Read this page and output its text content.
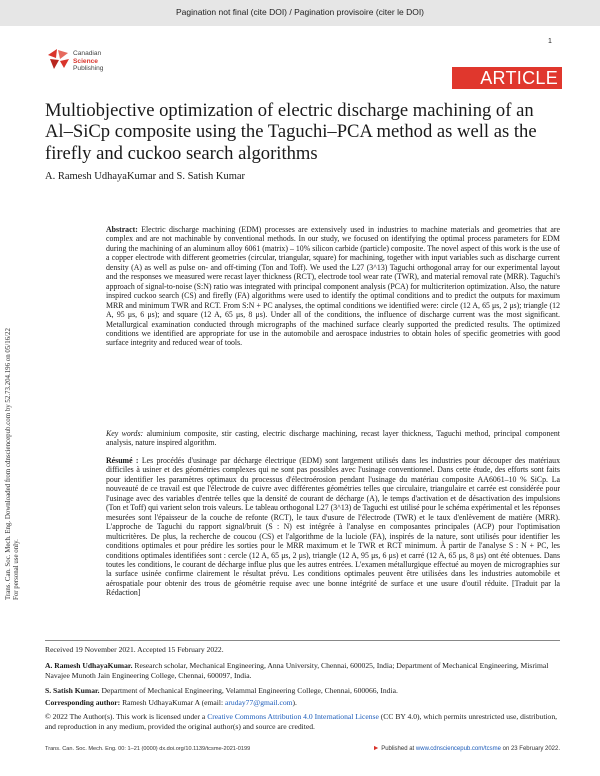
Pagination not final (cite DOI) / Pagination provisoire (citer le DOI)
1
Canadian
Science
Publishing	ARTICLE
Multiobjective optimization of electric discharge machining of an Al–SiCp composite using the Taguchi–PCA method as well as the firefly and cuckoo search algorithms
A. Ramesh UdhayaKumar and S. Satish Kumar
Trans. Can. Soc. Mech. Eng. Downloaded from cdnsciencepub.com by 52.73.204.196 on 05/16/22 For personal use only.
Abstract: Electric discharge machining (EDM) processes are extensively used in industries to machine materials and geometries that are complex and are not machinable by conventional methods. In our study, we focused on identifying the optimal process parameters for EDM during the machining of an aluminum alloy 6061 (matrix) – 10% silicon carbide (particle) composite. The novel aspect of this work is the use of a copper electrode with different geometries (circular, triangular, square) for machining, together with input variables such as discharge current density (A) as well as pulse on- and off-timing (Ton and Toff). We used the L27 (3^13) Taguchi orthogonal array for our experimental layout and the responses we measured were recast layer thickness (RCT), electrode tool wear rate (TWR), and material removal rate (MRR). Taguchi's approach of signal-to-noise (S:N) ratio was integrated with principal component analysis (PCA) for multicriterion optimization. Also, the nature inspired cuckoo search (CS) and firefly (FA) algorithms were used to identify the optimal conditions and to predict the outputs for maximum MRR and minimum TWR and RCT. From S:N + PC analyses, the optimal conditions we identified were: circle (12 A, 65 μs, 2 μs); triangle (12 A, 95 μs, 6 μs); and square (12 A, 65 μs, 8 μs). Under all of the conditions, the influence of discharge current was the most significant. Metallurgical examination conducted through micrographs of the machined surface clearly supported the predicted results. The optimized conditions we identified are appropriate for use in the automobile and aerospace industries to obtain holes of specific geometries with good surface integrity and reduced wear of tools.
Key words: aluminium composite, stir casting, electric discharge machining, recast layer thickness, Taguchi method, principal component analysis, nature inspired algorithm.
Résumé : Les procédés d'usinage par décharge électrique (EDM) sont largement utilisés dans les industries pour découper des matériaux difficiles à usiner et des géométries complexes qui ne sont pas possibles avec l'usinage conventionnel. Dans cette étude, des efforts sont faits pour identifier les paramètres optimaux du processus d'électroérosion pendant l'usinage du matériau composite AA6061–10 % SiCp. La nouveauté de ce travail est que l'électrode de cuivre avec différentes géométries telles que circulaire, triangulaire et carrée est considérée pour l'usinage avec des variables d'entrée telles que la densité de courant de décharge (A), le temps d'activation et de désactivation des impulsions (Ton et Toff) qui varient selon trois valeurs. Le tableau orthogonal L27 (3^13) de Taguchi est utilisé pour le schéma expérimental et les réponses mesurées sont l'épaisseur de la couche de refonte (RCT), le taux d'usure de l'électrode (TWR) et le taux d'enlèvement de matière (MRR). L'approche de Taguchi du rapport signal/bruit (S : N) est intégrée à l'analyse en composantes principales (ACP) pour l'optimisation multicritères. De plus, la recherche de coucou (CS) et l'algorithme de la luciole (FA), inspirés de la nature, sont utilisés pour identifier les conditions optimales et pour prédire les sorties pour le MRR maximum et le TWR et RCT minimum. À partir de l'analyse S : N + PC, les conditions optimales identifiées sont : cercle (12 A, 65 μs, 2 μs), triangle (12 A, 95 μs, 6 μs) et carré (12 A, 65 μs, 8 μs) ont été obtenues. Dans toutes les conditions, le courant de décharge influe plus que les autres entrées. L'examen métallurgique effectué au moyen de micrographies sur la surface usinée confirme clairement le résultat prévu. Les conditions optimales peuvent être utilisées dans les industries automobile et aérospatiale pour obtenir des trous de géométrie requise avec une bonne intégrité de surface et une usure d'outil réduite. [Traduit par la Rédaction]
Received 19 November 2021. Accepted 15 February 2022.
A. Ramesh UdhayaKumar. Research scholar, Mechanical Engineering, Anna University, Chennai, 600025, India; Department of Mechanical Engineering, Misrimal Navajee Munoth Jain Engineering College, Chennai, 600097, India.
S. Satish Kumar. Department of Mechanical Engineering, Velammal Engineering College, Chennai, 600066, India.
Corresponding author: Ramesh UdhayaKumar A (email: aruday77@gmail.com).
© 2022 The Author(s). This work is licensed under a Creative Commons Attribution 4.0 International License (CC BY 4.0), which permits unrestricted use, distribution, and reproduction in any medium, provided the original author(s) and source are credited.
Trans. Can. Soc. Mech. Eng. 00: 1–21 (0000) dx.doi.org/10.1139/tcsme-2021-0199	► Published at www.cdnsciencepub.com/tcsme on 23 February 2022.
